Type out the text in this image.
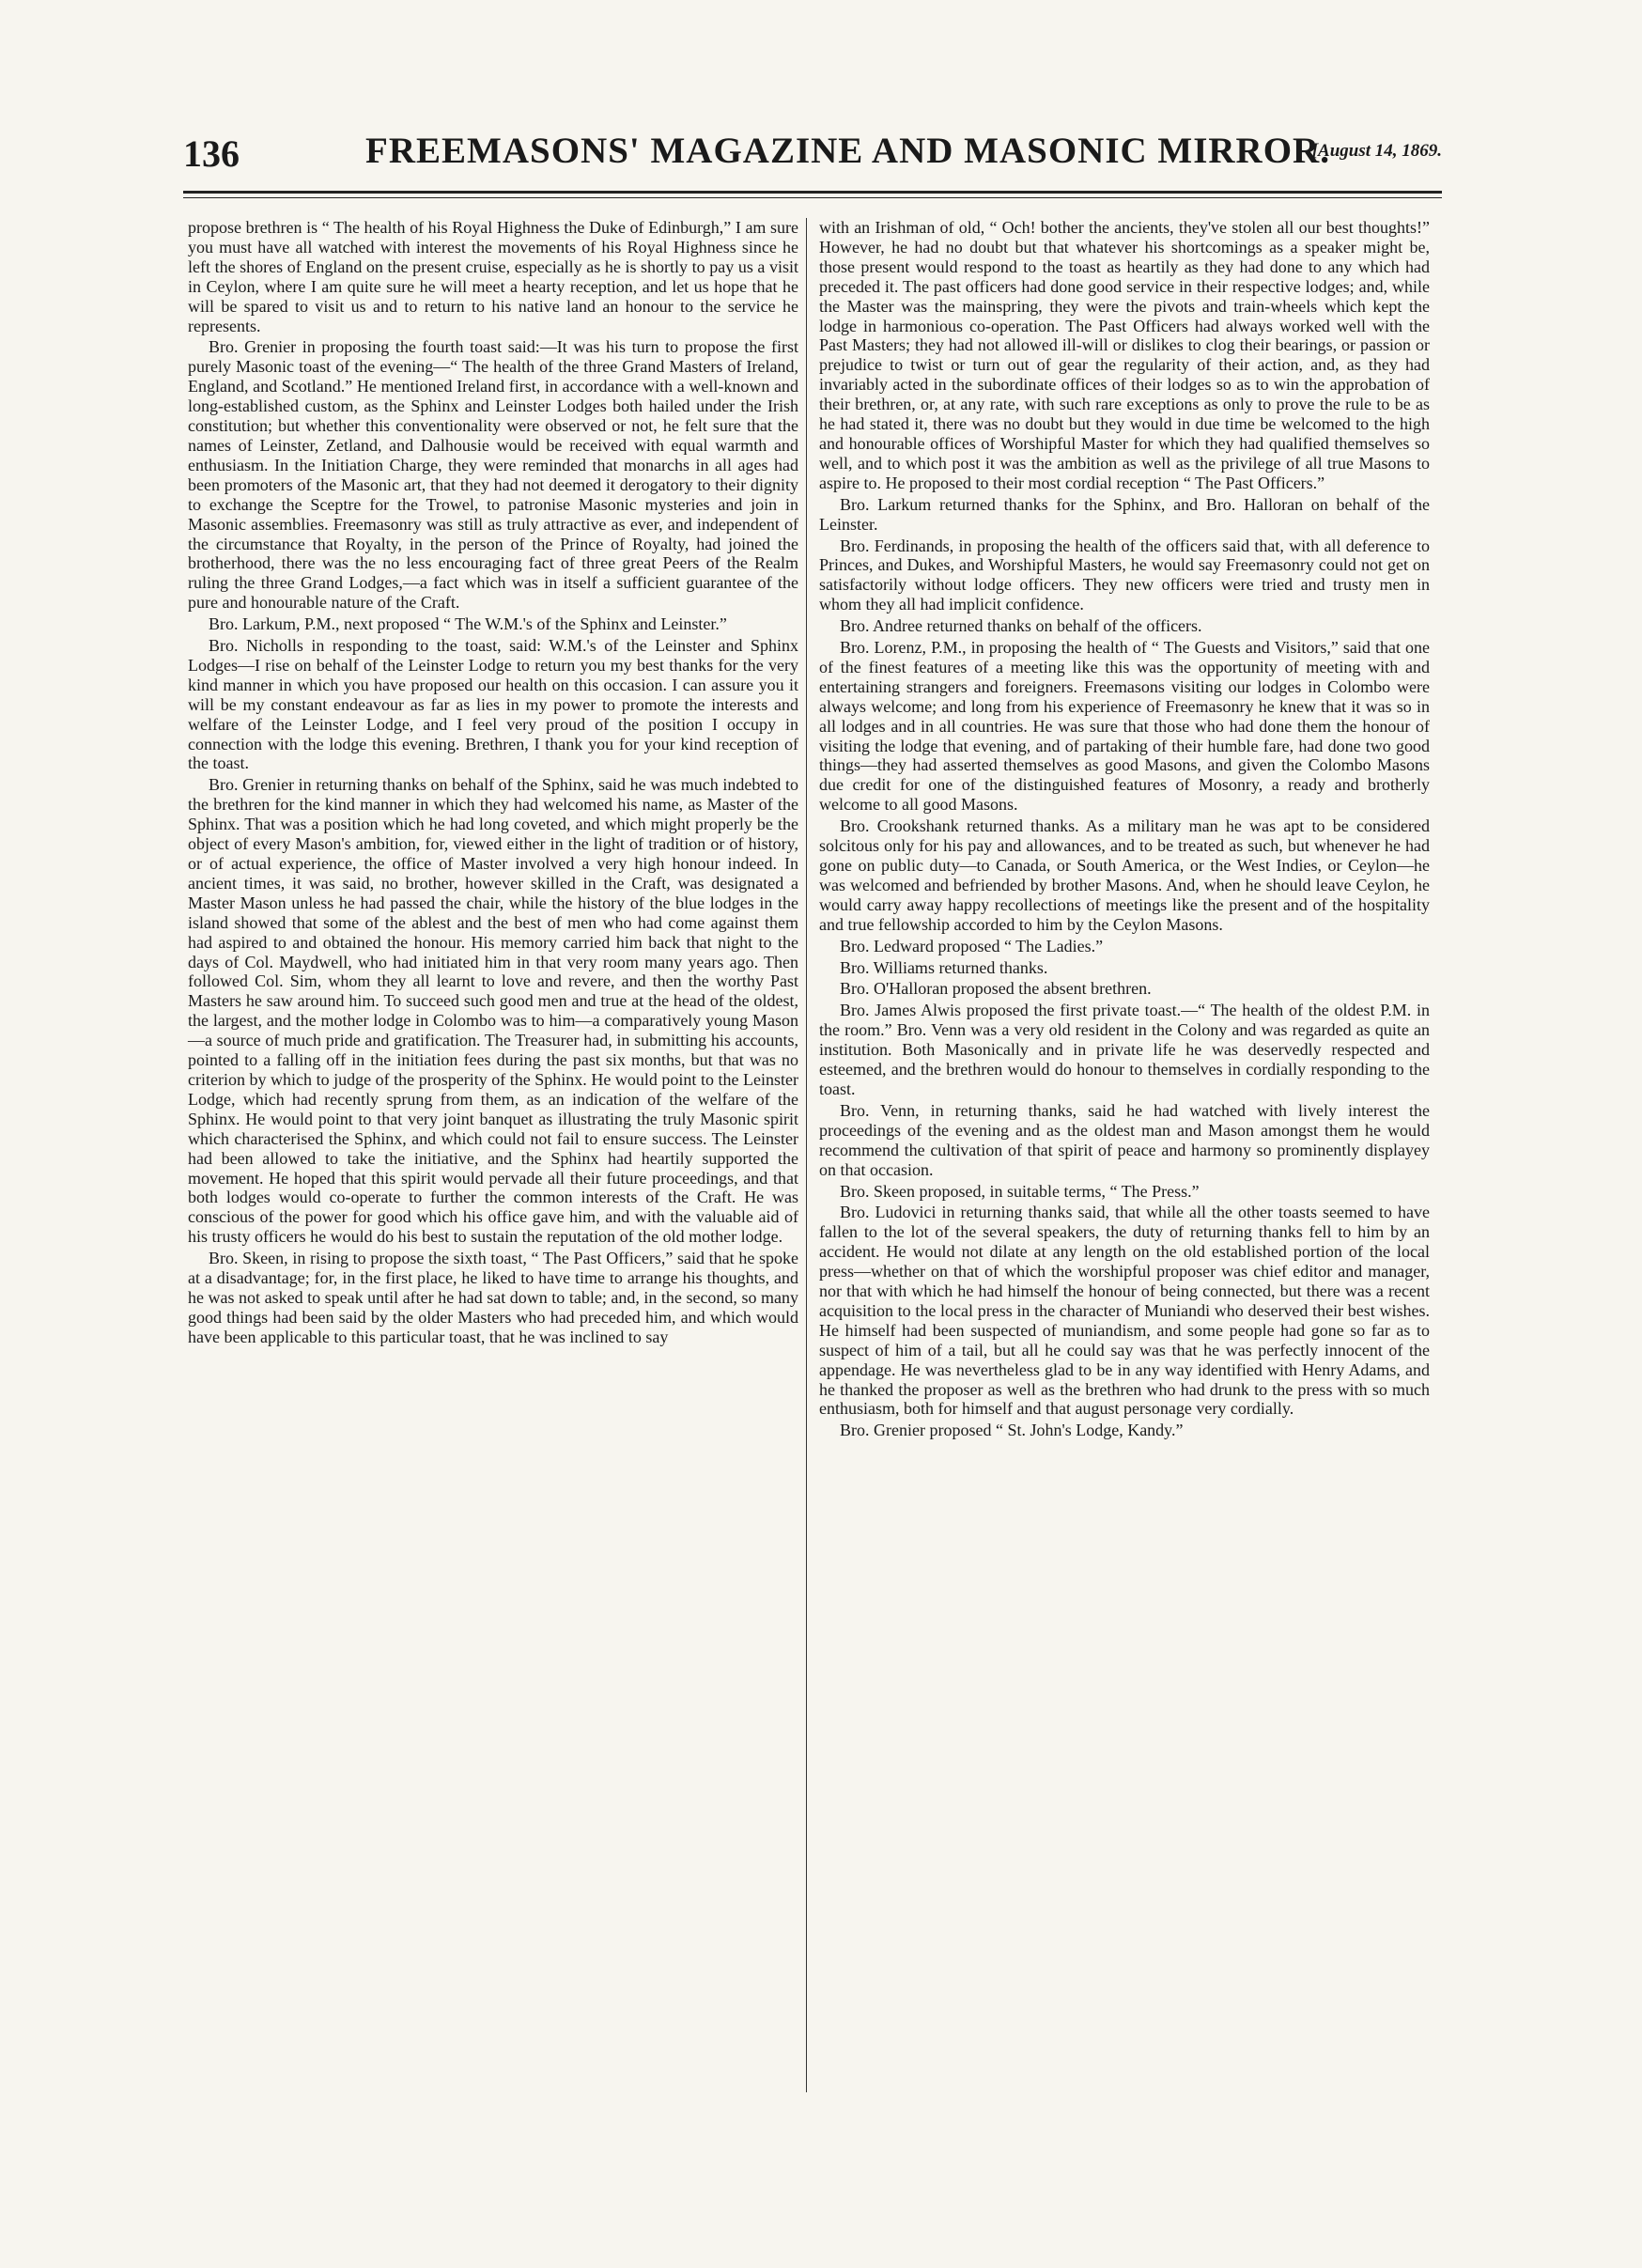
136	FREEMASONS' MAGAZINE AND MASONIC MIRROR.
[August 14, 1869.

propose brethren is “ The health of his Royal Highness the Duke of Edinburgh,” I am sure you must have all watched with interest the movements of his Royal Highness since he left the shores of England on the present cruise, especially as he is shortly to pay us a visit in Ceylon, where I am quite sure he will meet a hearty reception, and let us hope that he will be spared to visit us and to return to his native land an honour to the service he represents.

Bro. Grenier in proposing the fourth toast said:—It was his turn to propose the first purely Masonic toast of the evening—“ The health of the three Grand Masters of Ireland, England, and Scotland.” He mentioned Ireland first, in accordance with a well-known and long-established custom, as the Sphinx and Leinster Lodges both hailed under the Irish constitution; but whether this conventionality were observed or not, he felt sure that the names of Leinster, Zetland, and Dalhousie would be received with equal warmth and enthusiasm. In the Initiation Charge, they were reminded that monarchs in all ages had been promoters of the Masonic art, that they had not deemed it derogatory to their dignity to exchange the Sceptre for the Trowel, to patronise Masonic mysteries and join in Masonic assemblies. Freemasonry was still as truly attractive as ever, and independent of the circumstance that Royalty, in the person of the Prince of Royalty, had joined the brotherhood, there was the no less encouraging fact of three great Peers of the Realm ruling the three Grand Lodges,—a fact which was in itself a sufficient guarantee of the pure and honourable nature of the Craft.

Bro. Larkum, P.M., next proposed “ The W.M.'s of the Sphinx and Leinster.”

Bro. Nicholls in responding to the toast, said: W.M.'s of the Leinster and Sphinx Lodges—I rise on behalf of the Leinster Lodge to return you my best thanks for the very kind manner in which you have proposed our health on this occasion. I can assure you it will be my constant endeavour as far as lies in my power to promote the interests and welfare of the Leinster Lodge, and I feel very proud of the position I occupy in connection with the lodge this evening. Brethren, I thank you for your kind reception of the toast.

Bro. Grenier in returning thanks on behalf of the Sphinx, said he was much indebted to the brethren for the kind manner in which they had welcomed his name, as Master of the Sphinx. That was a position which he had long coveted, and which might properly be the object of every Mason's ambition, for, viewed either in the light of tradition or of history, or of actual experience, the office of Master involved a very high honour indeed. In ancient times, it was said, no brother, however skilled in the Craft, was designated a Master Mason unless he had passed the chair, while the history of the blue lodges in the island showed that some of the ablest and the best of men who had come against them had aspired to and obtained the honour. His memory carried him back that night to the days of Col. Maydwell, who had initiated him in that very room many years ago. Then followed Col. Sim, whom they all learnt to love and revere, and then the worthy Past Masters he saw around him. To succeed such good men and true at the head of the oldest, the largest, and the mother lodge in Colombo was to him—a comparatively young Mason—a source of much pride and gratification. The Treasurer had, in submitting his accounts, pointed to a falling off in the initiation fees during the past six months, but that was no criterion by which to judge of the prosperity of the Sphinx. He would point to the Leinster Lodge, which had recently sprung from them, as an indication of the welfare of the Sphinx. He would point to that very joint banquet as illustrating the truly Masonic spirit which characterised the Sphinx, and which could not fail to ensure success. The Leinster had been allowed to take the initiative, and the Sphinx had heartily supported the movement. He hoped that this spirit would pervade all their future proceedings, and that both lodges would co-operate to further the common interests of the Craft. He was conscious of the power for good which his office gave him, and with the valuable aid of his trusty officers he would do his best to sustain the reputation of the old mother lodge.

Bro. Skeen, in rising to propose the sixth toast, “ The Past Officers,” said that he spoke at a disadvantage; for, in the first place, he liked to have time to arrange his thoughts, and he was not asked to speak until after he had sat down to table; and, in the second, so many good things had been said by the older Masters who had preceded him, and which would have been applicable to this particular toast, that he was inclined to say

with an Irishman of old, “ Och! bother the ancients, they've stolen all our best thoughts!” However, he had no doubt but that whatever his shortcomings as a speaker might be, those present would respond to the toast as heartily as they had done to any which had preceded it. The past officers had done good service in their respective lodges; and, while the Master was the mainspring, they were the pivots and train-wheels which kept the lodge in harmonious co-operation. The Past Officers had always worked well with the Past Masters; they had not allowed ill-will or dislikes to clog their bearings, or passion or prejudice to twist or turn out of gear the regularity of their action, and, as they had invariably acted in the subordinate offices of their lodges so as to win the approbation of their brethren, or, at any rate, with such rare exceptions as only to prove the rule to be as he had stated it, there was no doubt but they would in due time be welcomed to the high and honourable offices of Worshipful Master for which they had qualified themselves so well, and to which post it was the ambition as well as the privilege of all true Masons to aspire to. He proposed to their most cordial reception “ The Past Officers.”

Bro. Larkum returned thanks for the Sphinx, and Bro. Halloran on behalf of the Leinster.

Bro. Ferdinands, in proposing the health of the officers said that, with all deference to Princes, and Dukes, and Worshipful Masters, he would say Freemasonry could not get on satisfactorily without lodge officers. They new officers were tried and trusty men in whom they all had implicit confidence.

Bro. Andree returned thanks on behalf of the officers.

Bro. Lorenz, P.M., in proposing the health of “ The Guests and Visitors,” said that one of the finest features of a meeting like this was the opportunity of meeting with and entertaining strangers and foreigners. Freemasons visiting our lodges in Colombo were always welcome; and long from his experience of Freemasonry he knew that it was so in all lodges and in all countries. He was sure that those who had done them the honour of visiting the lodge that evening, and of partaking of their humble fare, had done two good things—they had asserted themselves as good Masons, and given the Colombo Masons due credit for one of the distinguished features of Mosonry, a ready and brotherly welcome to all good Masons.

Bro. Crookshank returned thanks. As a military man he was apt to be considered solcitous only for his pay and allowances, and to be treated as such, but whenever he had gone on public duty—to Canada, or South America, or the West Indies, or Ceylon—he was welcomed and befriended by brother Masons. And, when he should leave Ceylon, he would carry away happy recollections of meetings like the present and of the hospitality and true fellowship accorded to him by the Ceylon Masons.

Bro. Ledward proposed “ The Ladies.”

Bro. Williams returned thanks.

Bro. O'Halloran proposed the absent brethren.

Bro. James Alwis proposed the first private toast.—“ The health of the oldest P.M. in the room.” Bro. Venn was a very old resident in the Colony and was regarded as quite an institution. Both Masonically and in private life he was deservedly respected and esteemed, and the brethren would do honour to themselves in cordially responding to the toast.

Bro. Venn, in returning thanks, said he had watched with lively interest the proceedings of the evening and as the oldest man and Mason amongst them he would recommend the cultivation of that spirit of peace and harmony so prominently displayey on that occasion.

Bro. Skeen proposed, in suitable terms, “ The Press.”

Bro. Ludovici in returning thanks said, that while all the other toasts seemed to have fallen to the lot of the several speakers, the duty of returning thanks fell to him by an accident. He would not dilate at any length on the old established portion of the local press—whether on that of which the worshipful proposer was chief editor and manager, nor that with which he had himself the honour of being connected, but there was a recent acquisition to the local press in the character of Muniandi who deserved their best wishes. He himself had been suspected of muniandism, and some people had gone so far as to suspect of him of a tail, but all he could say was that he was perfectly innocent of the appendage. He was nevertheless glad to be in any way identified with Henry Adams, and he thanked the proposer as well as the brethren who had drunk to the press with so much enthusiasm, both for himself and that august personage very cordially.

Bro. Grenier proposed “ St. John's Lodge, Kandy.”
